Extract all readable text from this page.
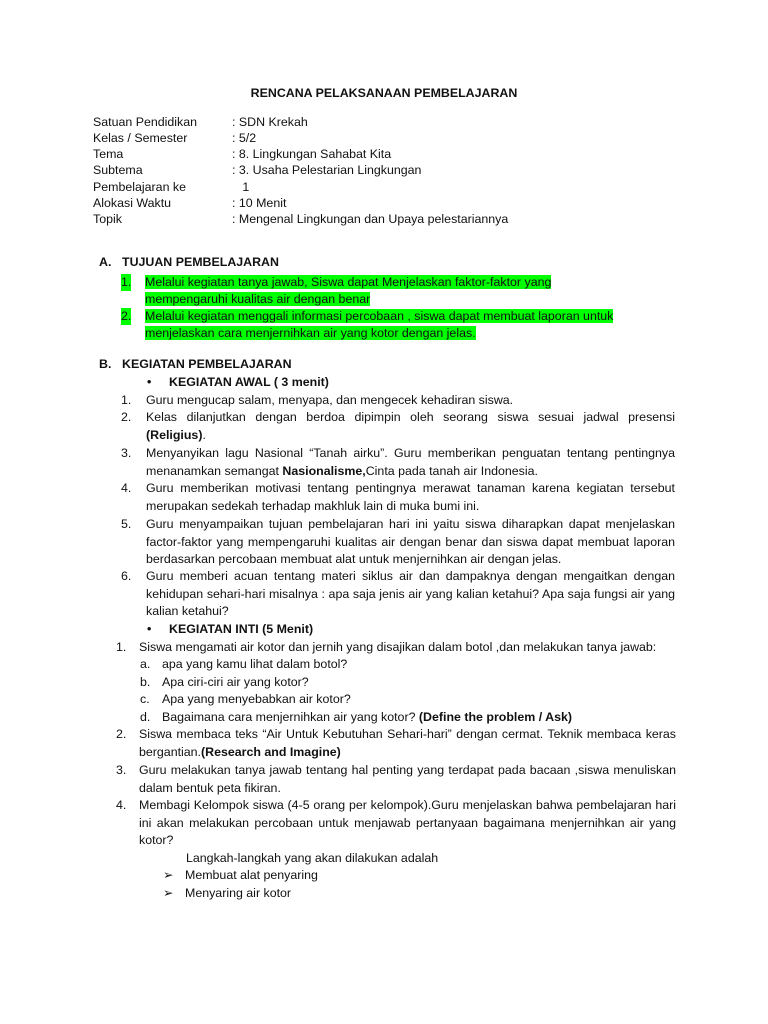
RENCANA PELAKSANAAN PEMBELAJARAN
Satuan Pendidikan	: SDN Krekah
Kelas / Semester	: 5/2
Tema	: 8. Lingkungan Sahabat Kita
Subtema	: 3. Usaha Pelestarian Lingkungan
Pembelajaran ke	1
Alokasi Waktu	: 10 Menit
Topik	: Mengenal Lingkungan dan Upaya pelestariannya
A. TUJUAN PEMBELAJARAN
1. Melalui kegiatan tanya jawab, Siswa dapat Menjelaskan faktor-faktor yang
mempengaruhi kualitas air dengan benar
2. Melalui kegiatan menggali informasi percobaan , siswa dapat membuat laporan untuk
menjelaskan cara menjernihkan air yang kotor dengan jelas.
B. KEGIATAN PEMBELAJARAN
• KEGIATAN AWAL ( 3 menit)
1. Guru mengucap salam, menyapa, dan mengecek kehadiran siswa.
2. Kelas dilanjutkan dengan berdoa dipimpin oleh seorang siswa sesuai jadwal presensi (Religius).
3. Menyanyikan lagu Nasional “Tanah airku”. Guru memberikan penguatan tentang pentingnya menanamkan semangat Nasionalisme,Cinta pada tanah air Indonesia.
4. Guru memberikan motivasi tentang pentingnya merawat tanaman karena kegiatan tersebut merupakan sedekah terhadap makhluk lain di muka bumi ini.
5. Guru menyampaikan tujuan pembelajaran hari ini yaitu siswa diharapkan dapat menjelaskan factor-faktor yang mempengaruhi kualitas air dengan benar dan siswa dapat membuat laporan berdasarkan percobaan membuat alat untuk menjernihkan air dengan jelas.
6. Guru memberi acuan tentang materi siklus air dan dampaknya dengan mengaitkan dengan kehidupan sehari-hari misalnya : apa saja jenis air yang kalian ketahui? Apa saja fungsi air yang kalian ketahui?
• KEGIATAN INTI (5 Menit)
1. Siswa mengamati air kotor dan jernih yang disajikan dalam botol ,dan melakukan tanya jawab:
a. apa yang kamu lihat dalam botol?
b. Apa ciri-ciri air yang kotor?
c. Apa yang menyebabkan air kotor?
d. Bagaimana cara menjernihkan air yang kotor? (Define the problem / Ask)
2. Siswa membaca teks “Air Untuk Kebutuhan Sehari-hari” dengan cermat. Teknik membaca keras bergantian.(Research and Imagine)
3. Guru melakukan tanya jawab tentang hal penting yang terdapat pada bacaan ,siswa menuliskan dalam bentuk peta fikiran.
4. Membagi Kelompok siswa (4-5 orang per kelompok).Guru menjelaskan bahwa pembelajaran hari ini akan melakukan percobaan untuk menjawab pertanyaan bagaimana menjernihkan air yang kotor?
Langkah-langkah yang akan dilakukan adalah
➢ Membuat alat penyaring
➢ Menyaring air kotor
